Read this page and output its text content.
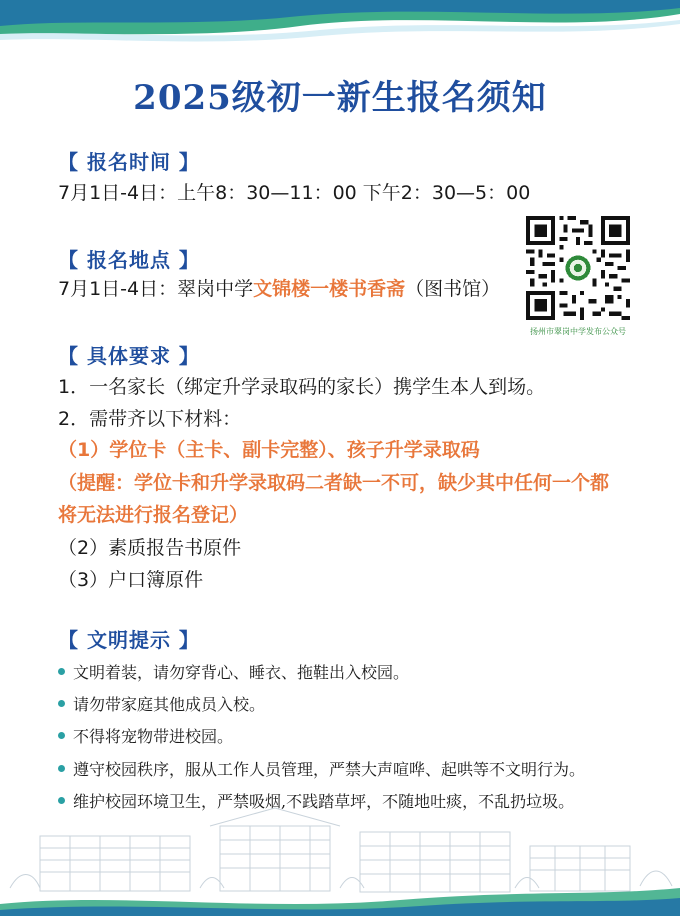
2025级初一新生报名须知
【 报名时间 】
7月1日-4日：上午8：30—11：00 下午2：30—5：00
【 报名地点 】
7月1日-4日：翠岗中学文锦楼一楼书香斋（图书馆）
扬州市翠岗中学发布公众号
【 具体要求 】
1．一名家长（绑定升学录取码的家长）携学生本人到场。
2．需带齐以下材料：
（1）学位卡（主卡、副卡完整）、孩子升学录取码
（提醒：学位卡和升学录取码二者缺一不可，缺少其中任何一个都
将无法进行报名登记）
（2）素质报告书原件
（3）户口簿原件
【 文明提示 】
文明着装，请勿穿背心、睡衣、拖鞋出入校园。
请勿带家庭其他成员入校。
不得将宠物带进校园。
遵守校园秩序，服从工作人员管理，严禁大声喧哗、起哄等不文明行为。
维护校园环境卫生，严禁吸烟,不践踏草坪，不随地吐痰，不乱扔垃圾。
